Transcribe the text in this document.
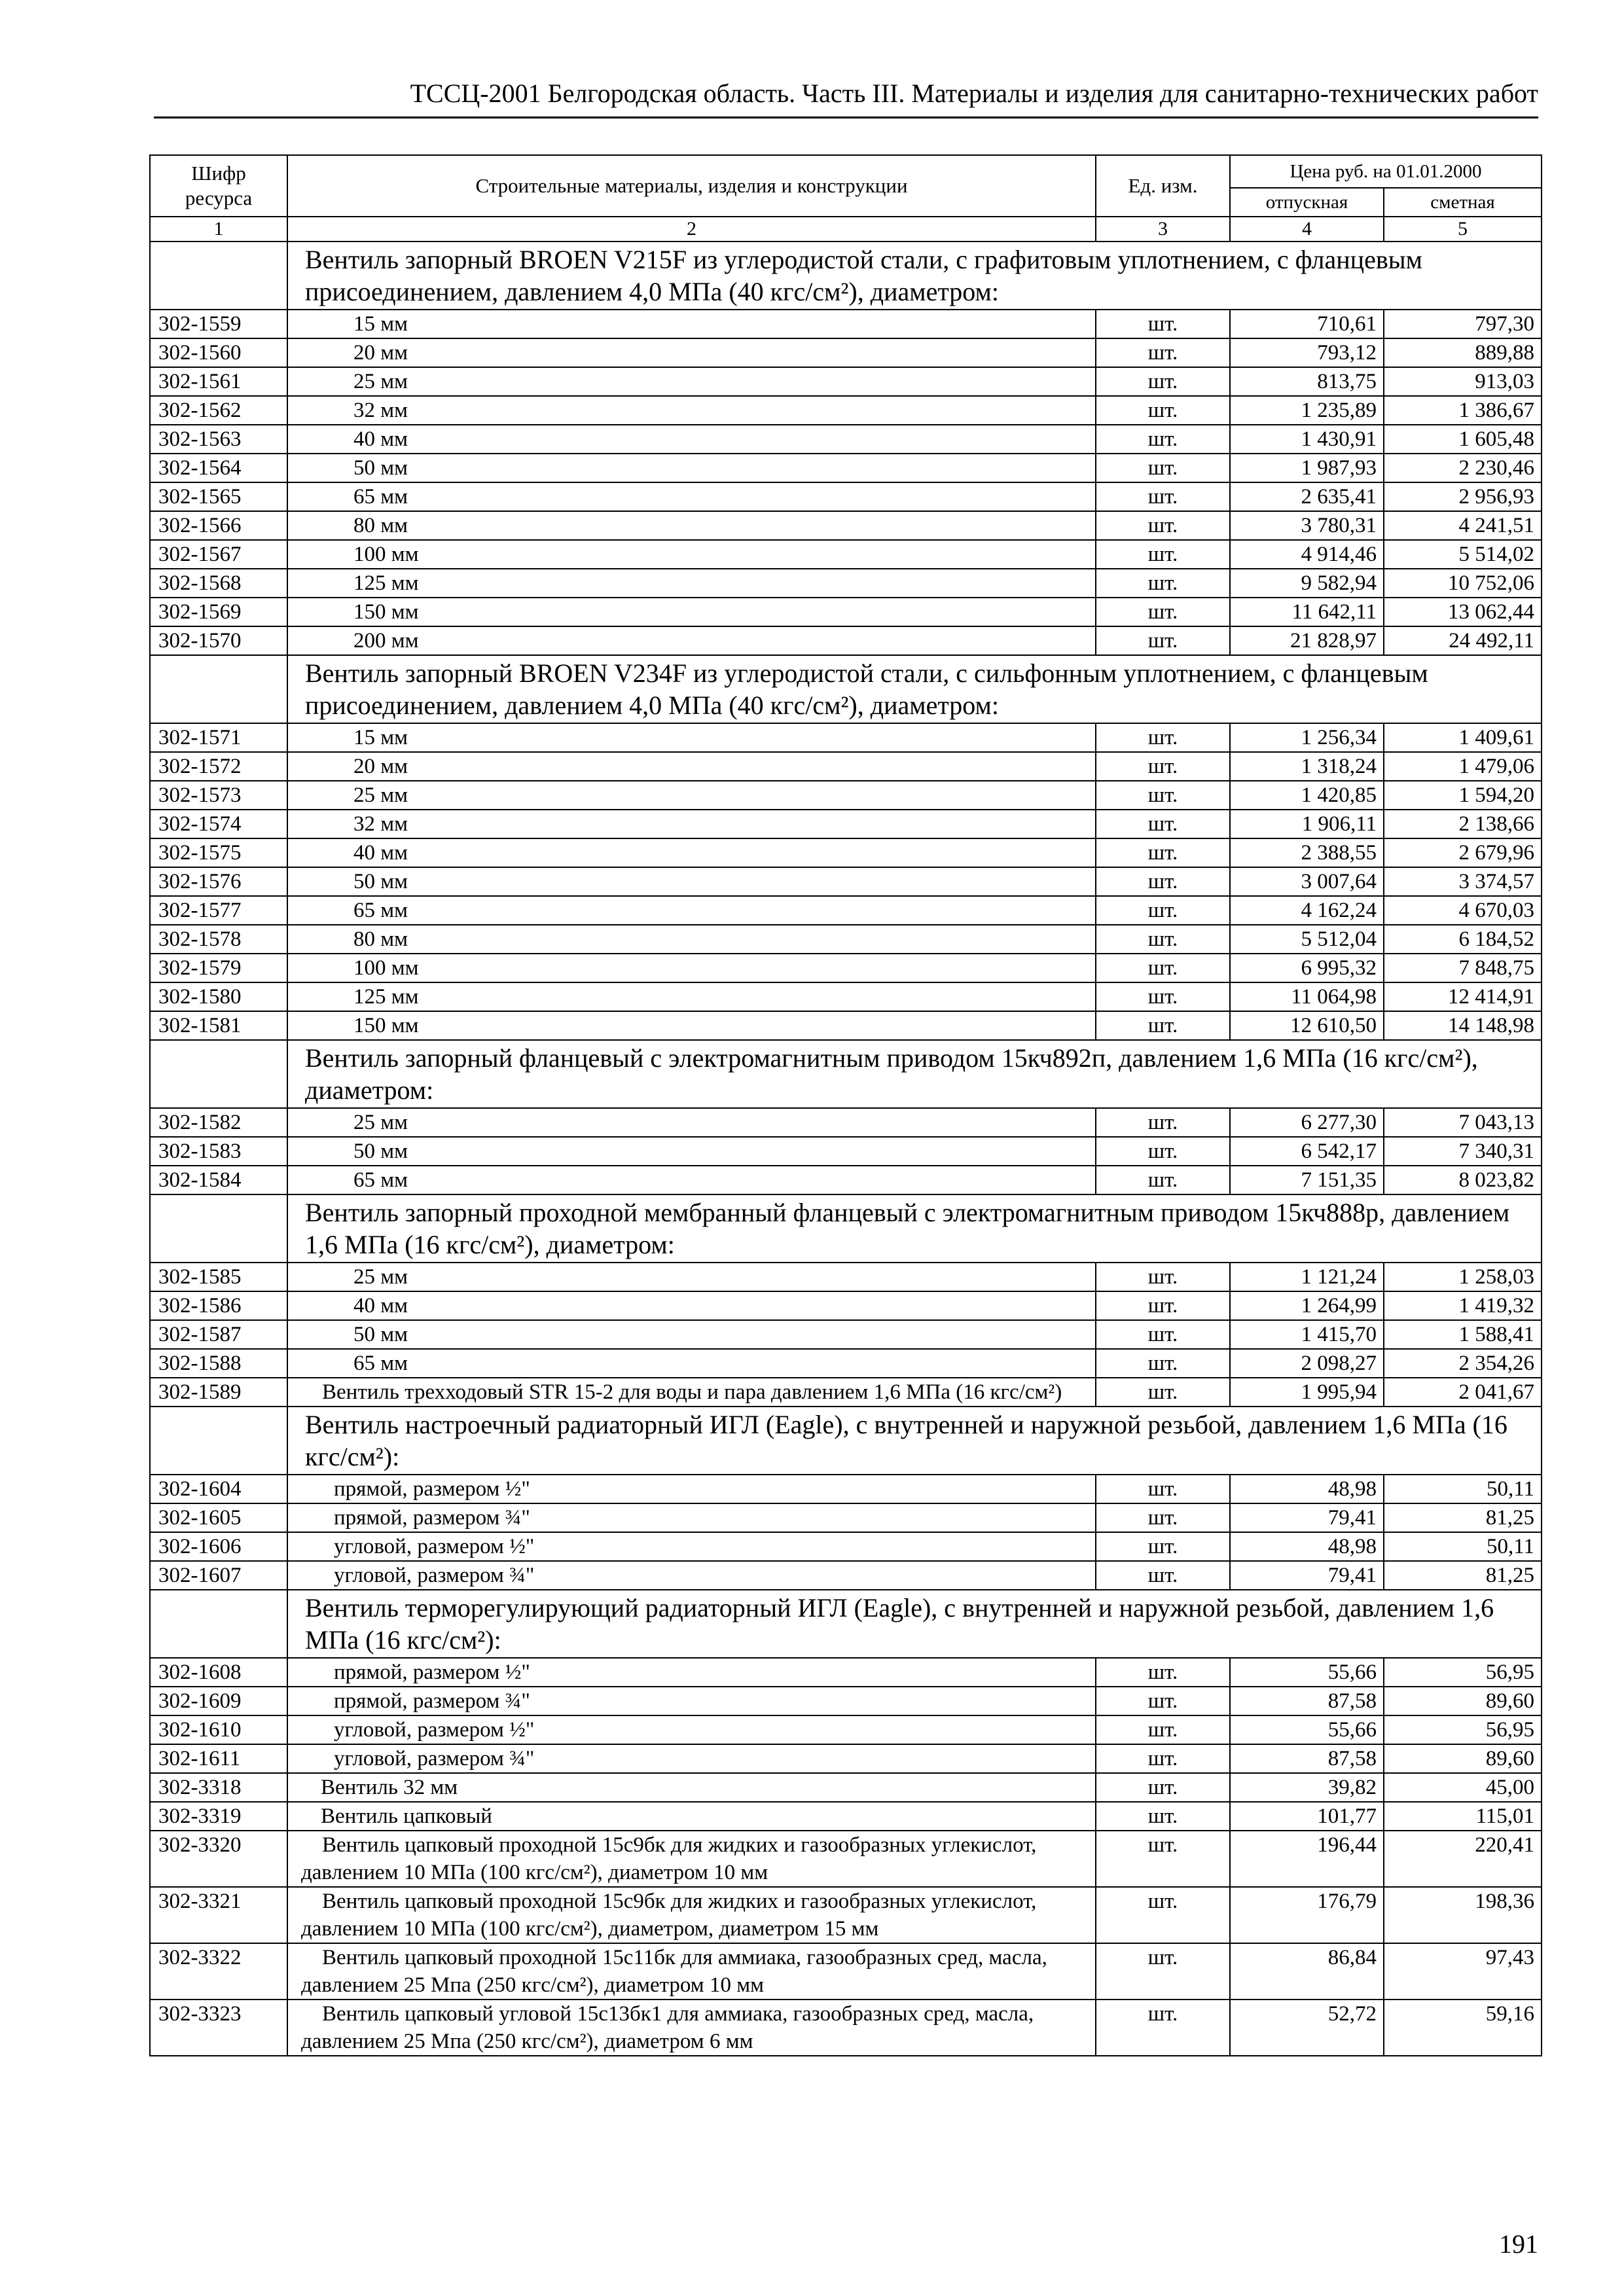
ТССЦ-2001 Белгородская область. Часть III. Материалы и изделия для санитарно-технических работ
Шифр ресурса	Строительные материалы, изделия и конструкции	Ед. изм.	Цена руб. на 01.01.2000	
			отпускная	сметная
1	2	3	4	5
	Вентиль запорный BROEN V215F из углеродистой стали, с графитовым уплотнением, с фланцевым присоединением, давлением 4,0 МПа (40 кгс/см²), диаметром:			
302-1559	15 мм	шт.	710,61	797,30
302-1560	20 мм	шт.	793,12	889,88
302-1561	25 мм	шт.	813,75	913,03
302-1562	32 мм	шт.	1 235,89	1 386,67
302-1563	40 мм	шт.	1 430,91	1 605,48
302-1564	50 мм	шт.	1 987,93	2 230,46
302-1565	65 мм	шт.	2 635,41	2 956,93
302-1566	80 мм	шт.	3 780,31	4 241,51
302-1567	100 мм	шт.	4 914,46	5 514,02
302-1568	125 мм	шт.	9 582,94	10 752,06
302-1569	150 мм	шт.	11 642,11	13 062,44
302-1570	200 мм	шт.	21 828,97	24 492,11
	Вентиль запорный BROEN V234F из углеродистой стали, с сильфонным уплотнением, с фланцевым присоединением, давлением 4,0 МПа (40 кгс/см²), диаметром:			
302-1571	15 мм	шт.	1 256,34	1 409,61
302-1572	20 мм	шт.	1 318,24	1 479,06
302-1573	25 мм	шт.	1 420,85	1 594,20
302-1574	32 мм	шт.	1 906,11	2 138,66
302-1575	40 мм	шт.	2 388,55	2 679,96
302-1576	50 мм	шт.	3 007,64	3 374,57
302-1577	65 мм	шт.	4 162,24	4 670,03
302-1578	80 мм	шт.	5 512,04	6 184,52
302-1579	100 мм	шт.	6 995,32	7 848,75
302-1580	125 мм	шт.	11 064,98	12 414,91
302-1581	150 мм	шт.	12 610,50	14 148,98
	Вентиль запорный фланцевый с электромагнитным приводом 15кч892п, давлением 1,6 МПа (16 кгс/см²), диаметром:			
302-1582	25 мм	шт.	6 277,30	7 043,13
302-1583	50 мм	шт.	6 542,17	7 340,31
302-1584	65 мм	шт.	7 151,35	8 023,82
	Вентиль запорный проходной мембранный фланцевый с электромагнитным приводом 15кч888р, давлением 1,6 МПа (16 кгс/см²), диаметром:			
302-1585	25 мм	шт.	1 121,24	1 258,03
302-1586	40 мм	шт.	1 264,99	1 419,32
302-1587	50 мм	шт.	1 415,70	1 588,41
302-1588	65 мм	шт.	2 098,27	2 354,26
302-1589	Вентиль трехходовый STR 15-2 для воды и пара давлением 1,6 МПа (16 кгс/см²)	шт.	1 995,94	2 041,67
	Вентиль настроечный радиаторный ИГЛ (Eagle), с внутренней и наружной резьбой, давлением 1,6 МПа (16 кгс/см²):			
302-1604	прямой, размером ½"	шт.	48,98	50,11
302-1605	прямой, размером ¾"	шт.	79,41	81,25
302-1606	угловой, размером ½"	шт.	48,98	50,11
302-1607	угловой, размером ¾"	шт.	79,41	81,25
	Вентиль терморегулирующий радиаторный ИГЛ (Eagle), с внутренней и наружной резьбой, давлением 1,6 МПа (16 кгс/см²):			
302-1608	прямой, размером ½"	шт.	55,66	56,95
302-1609	прямой, размером ¾"	шт.	87,58	89,60
302-1610	угловой, размером ½"	шт.	55,66	56,95
302-1611	угловой, размером ¾"	шт.	87,58	89,60
302-3318	Вентиль 32 мм	шт.	39,82	45,00
302-3319	Вентиль цапковый	шт.	101,77	115,01
302-3320	Вентиль цапковый проходной 15с9бк для жидких и газообразных углекислот, давлением 10 МПа (100 кгс/см²), диаметром 10 мм	шт.	196,44	220,41
302-3321	Вентиль цапковый проходной 15с9бк для жидких и газообразных углекислот, давлением 10 МПа (100 кгс/см²), диаметром, диаметром 15 мм	шт.	176,79	198,36
302-3322	Вентиль цапковый проходной 15с11бк для аммиака, газообразных сред, масла, давлением 25 Мпа (250 кгс/см²), диаметром 10 мм	шт.	86,84	97,43
302-3323	Вентиль цапковый угловой 15с13бк1 для аммиака, газообразных сред, масла, давлением 25 Мпа (250 кгс/см²), диаметром 6 мм	шт.	52,72	59,16
191
